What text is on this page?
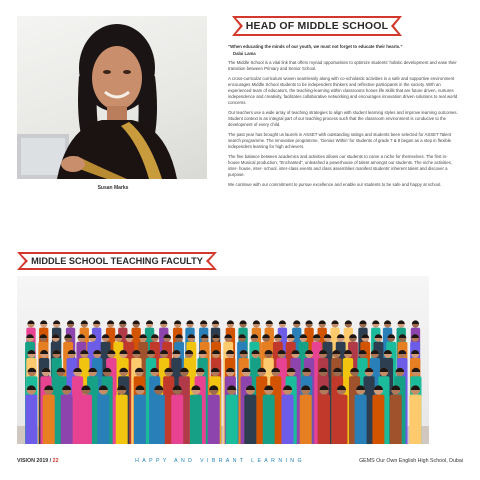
Susan Marks
HEAD OF MIDDLE SCHOOL

“When educating the minds of our youth, we must not forget to educate their hearts.”

Dalai Lama

The Middle School is a vital link that offers myriad opportunities to optimize students’ holistic development and ease their transition between Primary and Senior School.

A cross-curricular curriculum woven seamlessly along with co-scholastic activities in a safe and supportive environment encourages Middle School students to be independent thinkers and reflective participants in the society. With an experienced team of educators, the teaching-learning within classrooms hones life skills that are future driven, nurtures independence and creativity, facilitates collaborative networking and encourages innovation driven solutions to real world concerns.

Our teachers use a wide array of teaching strategies to align with student learning styles and improve learning outcomes. Student context is an integral part of our teaching process such that the classroom environment is conducive to the development of every child.

The past year has brought us laurels in ASSET with outstanding ratings and students been selected for ASSET Talent search programme. The innovative programme, ‘Genius Within’ for students of grade 7 & 8 began as a step in flexible independent learning for high achievers.

The fine balance between academics and activities allows our students to carve a niche for themselves. The first in- house Musical production, “Enchanted”, unleashed a powerhouse of talent amongst our students. The niche activities, inter- house, inter- school, inter-class events and class assemblies manifest students’ inherent talent and discover a purpose.

We continue with our commitment to pursue excellence and enable our students to be safe and happy at school.

MIDDLE SCHOOL TEACHING FACULTY
VISION 2019 / 22	HAPPY AND VIBRANT LEARNING	GEMS Our Own English High School, Dubai
